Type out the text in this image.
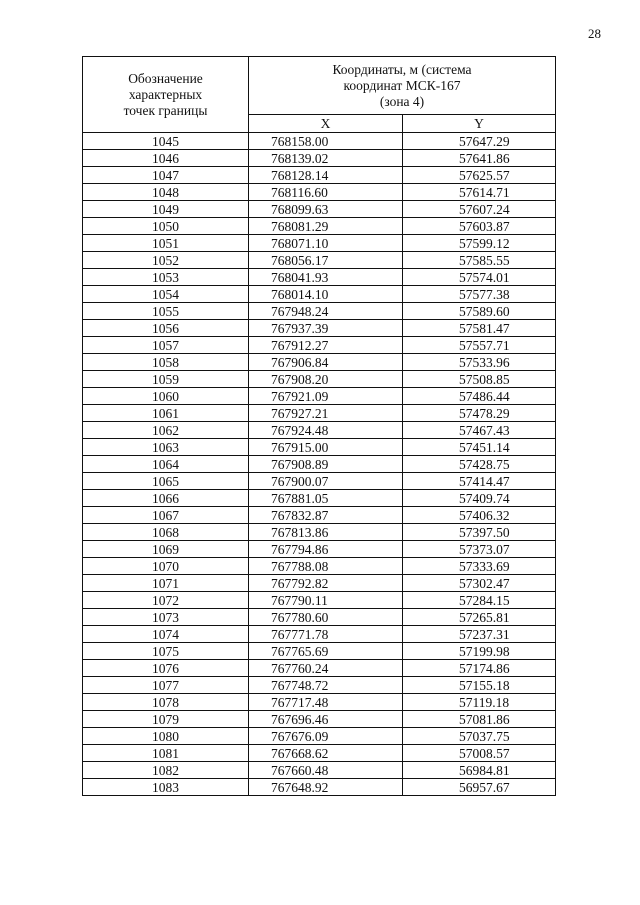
28
Обозначение характерных точек границы	Координаты, м (система координат МСК-167 (зона 4)	
	X	Y
1045	768158.00	57647.29
1046	768139.02	57641.86
1047	768128.14	57625.57
1048	768116.60	57614.71
1049	768099.63	57607.24
1050	768081.29	57603.87
1051	768071.10	57599.12
1052	768056.17	57585.55
1053	768041.93	57574.01
1054	768014.10	57577.38
1055	767948.24	57589.60
1056	767937.39	57581.47
1057	767912.27	57557.71
1058	767906.84	57533.96
1059	767908.20	57508.85
1060	767921.09	57486.44
1061	767927.21	57478.29
1062	767924.48	57467.43
1063	767915.00	57451.14
1064	767908.89	57428.75
1065	767900.07	57414.47
1066	767881.05	57409.74
1067	767832.87	57406.32
1068	767813.86	57397.50
1069	767794.86	57373.07
1070	767788.08	57333.69
1071	767792.82	57302.47
1072	767790.11	57284.15
1073	767780.60	57265.81
1074	767771.78	57237.31
1075	767765.69	57199.98
1076	767760.24	57174.86
1077	767748.72	57155.18
1078	767717.48	57119.18
1079	767696.46	57081.86
1080	767676.09	57037.75
1081	767668.62	57008.57
1082	767660.48	56984.81
1083	767648.92	56957.67
